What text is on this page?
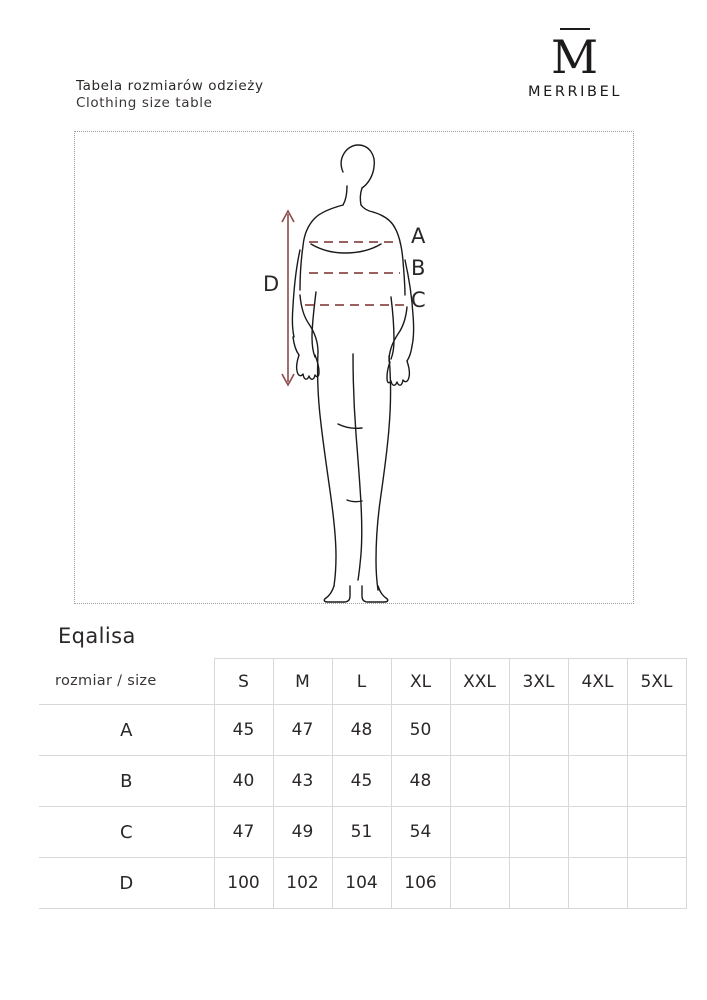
Tabela rozmiarów odzieży
Clothing size table
M
MERRIBEL
A
B
C
D
Eqalisa
rozmiar / size	S	M	L	XL	XXL	3XL	4XL	5XL
A	45	47	48	50				
B	40	43	45	48				
C	47	49	51	54				
D	100	102	104	106				
